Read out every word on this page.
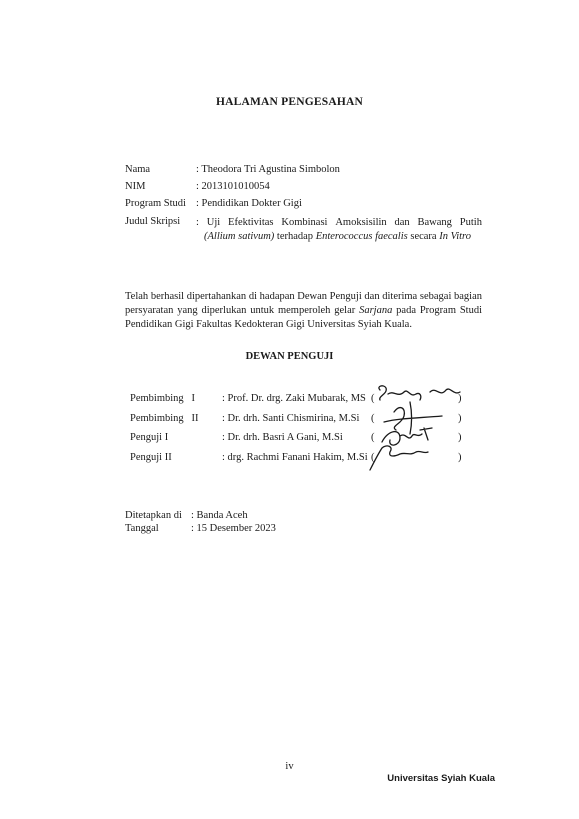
HALAMAN PENGESAHAN
Nama	: Theodora Tri Agustina Simbolon
NIM	: 2013101010054
Program Studi : Pendidikan Dokter Gigi
Judul Skripsi : Uji Efektivitas Kombinasi Amoksisilin dan Bawang Putih
(Allium sativum) terhadap Enterococcus faecalis secara In Vitro
Telah berhasil dipertahankan di hadapan Dewan Penguji dan diterima sebagai bagian persyaratan yang diperlukan untuk memperoleh gelar Sarjana pada Program Studi Pendidikan Gigi Fakultas Kedokteran Gigi Universitas Syiah Kuala.
DEWAN PENGUJI
Pembimbing   I	: Prof. Dr. drg. Zaki Mubarak, MS (	)
Pembimbing   II : Dr. drh. Santi Chismirina, M.Si (	)
Penguji I	: Dr. drh. Basri A Gani, M.Si	(	)
Penguji II	: drg. Rachmi Fanani Hakim, M.Si (	)
Ditetapkan di : Banda Aceh
Tanggal	: 15 Desember 2023
iv
Universitas Syiah Kuala
